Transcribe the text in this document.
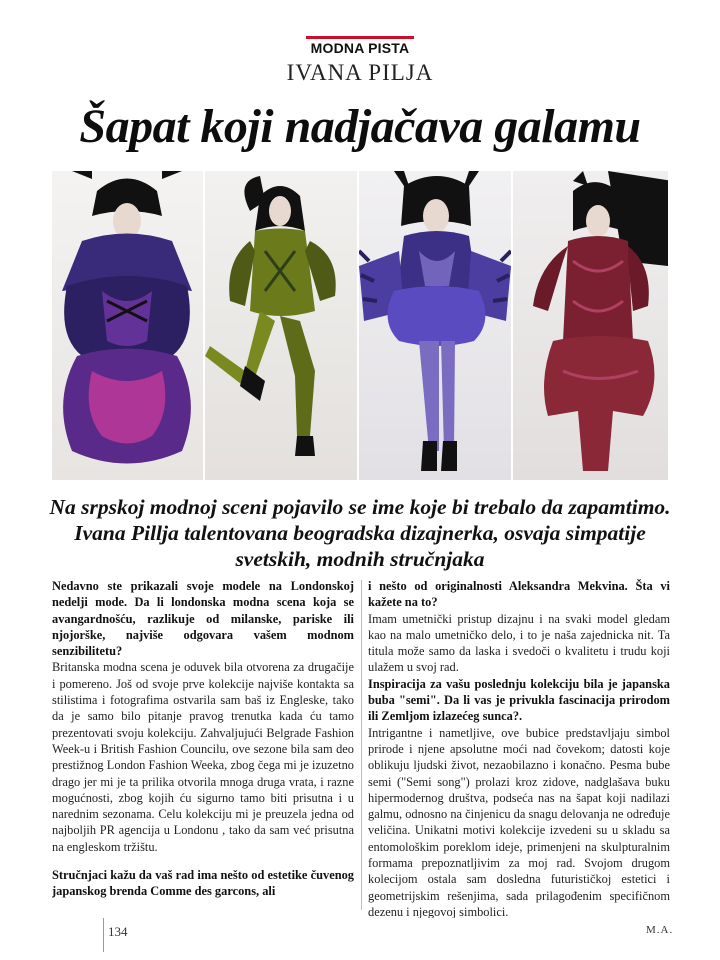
MODNA PISTA
IVANA PILJA
Šapat koji nadjačava galamu
Na srpskoj modnoj sceni pojavilo se ime koje bi trebalo da zapamtimo. Ivana Pillja talentovana beogradska dizajnerka, osvaja simpatije svetskih, modnih stručnjaka

Nedavno ste prikazali svoje modele na Londonskoj nedelji mode. Da li londonska modna scena koja se avangardnošću, razlikuje od milanske, pariske ili njojorške, najviše odgovara vašem modnom senzibilitetu?

Britanska modna scena je oduvek bila otvorena za drugačije i pomereno. Još od svoje prve kolekcije najviše kontakta sa stilistima i fotografima ostvarila sam baš iz Engleske, tako da je samo bilo pitanje pravog trenutka kada ću tamo prezentovati svoju kolekciju. Zahvaljujući Belgrade Fashion Week-u i British Fashion Councilu, ove sezone bila sam deo prestižnog London Fashion Weeka, zbog čega mi je izuzetno drago jer mi je ta prilika otvorila mnoga druga vrata, i razne mogućnosti, zbog kojih ću sigurno tamo biti prisutna i u narednim sezonama. Celu kolekciju mi je preuzela jedna od najboljih PR agencija u Londonu , tako da sam već prisutna na engleskom tržištu.

Stručnjaci kažu da vaš rad ima nešto od estetike čuvenog japanskog brenda Comme des garcons, ali

i nešto od originalnosti Aleksandra Mekvina. Šta vi kažete na to?

Imam umetnički pristup dizajnu i na svaki model gledam kao na malo umetničko delo, i to je naša zajednicka nit. Ta titula može samo da laska i svedoči o kvalitetu i trudu koji ulažem u svoj rad.

Inspiracija za vašu poslednju kolekciju bila je japanska buba "semi". Da li vas je privukla fascinacija prirodom ili Zemljom izlazećeg sunca?.

Intrigantne i nametljive, ove bubice predstavljaju simbol prirode i njene apsolutne moći nad čovekom; datosti koje oblikuju ljudski život, nezaobilazno i konačno. Pesma bube semi ("Semi song") prolazi kroz zidove, nadglašava buku hipermodernog društva, podseća nas na šapat koji nadilazi galmu, odnosno na činjenicu da snagu delovanja ne određuje veličina. Unikatni motivi kolekcije izvedeni su u skladu sa entomološkim poreklom ideje, primenjeni na skulpturalnim formama prepoznatljivim za moj rad. Svojom drugom kolecijom ostala sam dosledna futurističkoj estetici i geometrijskim rešenjima, sada prilagođenim specifičnom dezenu i njegovoj simbolici.

134	M.A.
